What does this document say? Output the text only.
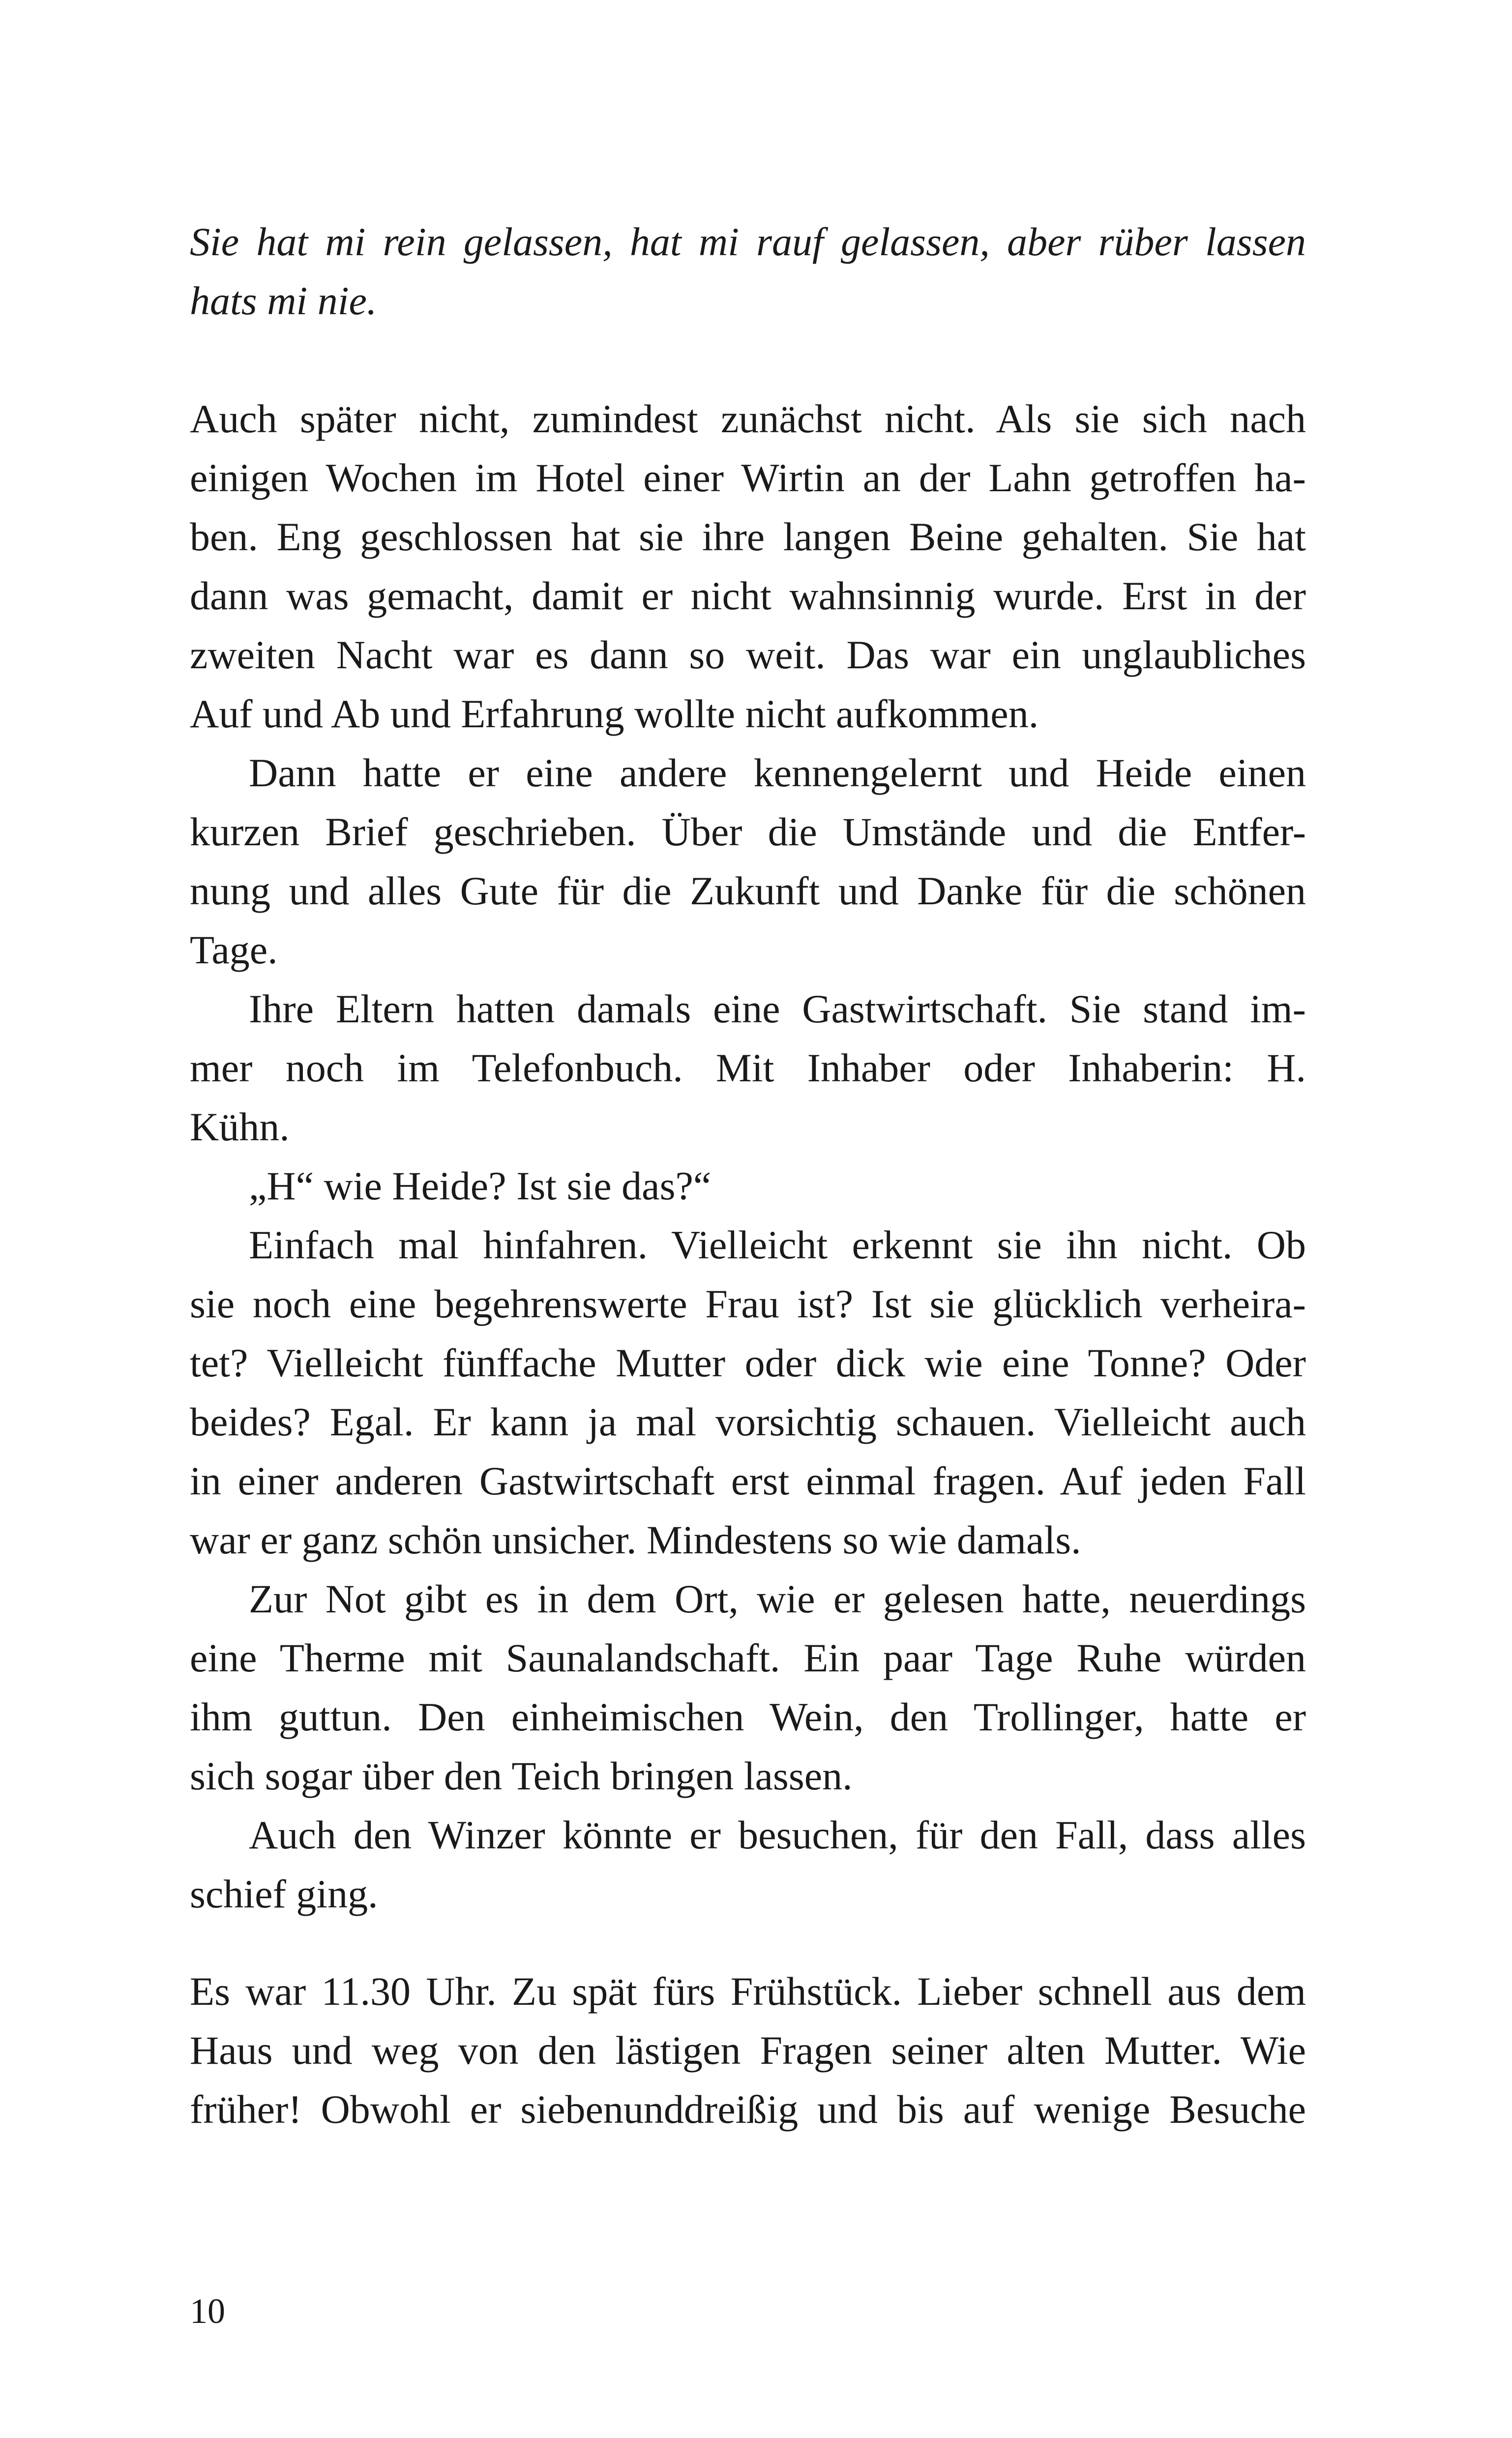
Sie hat mi rein gelassen, hat mi rauf gelassen, aber rüber lassen
hats mi nie.
Auch später nicht, zumindest zunächst nicht. Als sie sich nach
einigen Wochen im Hotel einer Wirtin an der Lahn getroffen ha-
ben. Eng geschlossen hat sie ihre langen Beine gehalten. Sie hat
dann was gemacht, damit er nicht wahnsinnig wurde. Erst in der
zweiten Nacht war es dann so weit. Das war ein unglaubliches
Auf und Ab und Erfahrung wollte nicht aufkommen.
Dann hatte er eine andere kennengelernt und Heide einen
kurzen Brief geschrieben. Über die Umstände und die Entfer-
nung und alles Gute für die Zukunft und Danke für die schönen
Tage.
Ihre Eltern hatten damals eine Gastwirtschaft. Sie stand im-
mer noch im Telefonbuch. Mit Inhaber oder Inhaberin: H.
Kühn.
„H“ wie Heide? Ist sie das?“
Einfach mal hinfahren. Vielleicht erkennt sie ihn nicht. Ob
sie noch eine begehrenswerte Frau ist? Ist sie glücklich verheira-
tet? Vielleicht fünffache Mutter oder dick wie eine Tonne? Oder
beides? Egal. Er kann ja mal vorsichtig schauen. Vielleicht auch
in einer anderen Gastwirtschaft erst einmal fragen. Auf jeden Fall
war er ganz schön unsicher. Mindestens so wie damals.
Zur Not gibt es in dem Ort, wie er gelesen hatte, neuerdings
eine Therme mit Saunalandschaft. Ein paar Tage Ruhe würden
ihm guttun. Den einheimischen Wein, den Trollinger, hatte er
sich sogar über den Teich bringen lassen.
Auch den Winzer könnte er besuchen, für den Fall, dass alles
schief ging.
Es war 11.30 Uhr. Zu spät fürs Frühstück. Lieber schnell aus dem
Haus und weg von den lästigen Fragen seiner alten Mutter. Wie
früher! Obwohl er siebenunddreißig und bis auf wenige Besuche
10
